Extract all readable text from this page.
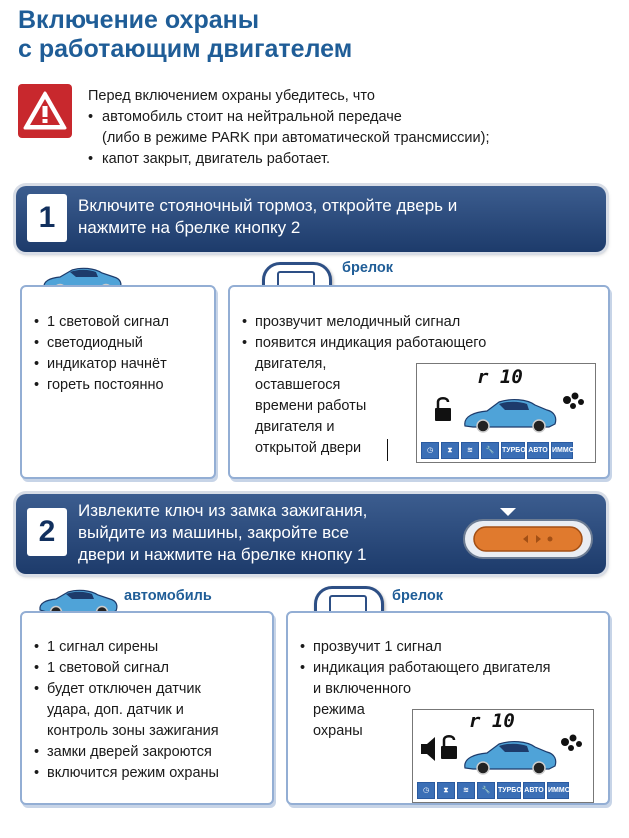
Включение охраны
с работающим двигателем
Перед включением охраны убедитесь, что
• автомобиль стоит на нейтральной передаче
(либо в режиме PARK при автоматической трансмиссии);
• капот закрыт, двигатель работает.
1	Включите стояночный тормоз, откройте дверь и
нажмите на брелке кнопку 2
брелок
• 1 световой сигнал
• светодиодный
• индикатор начнёт
• гореть постоянно
• прозвучит мелодичный сигнал
• появится индикация работающего
двигателя,
оставшегося
времени работы
двигателя и
открытой двери
r 10
◷	⧗	≋	🔧	ТУРБО АВТО ИММО
2
Извлеките ключ из замка зажигания,
выйдите из машины, закройте все
двери и нажмите на брелке кнопку 1
автомобиль	брелок
• 1 сигнал сирены
• 1 световой сигнал
• будет отключен датчик
удара, доп. датчик и
контроль зоны зажигания
• замки дверей закроются
• включится режим охраны
• прозвучит 1 сигнал
• индикация работающего двигателя
и включенного
режима
охраны	r 10
◷	⧗	≋	🔧	ТУРБО АВТО ИММО
